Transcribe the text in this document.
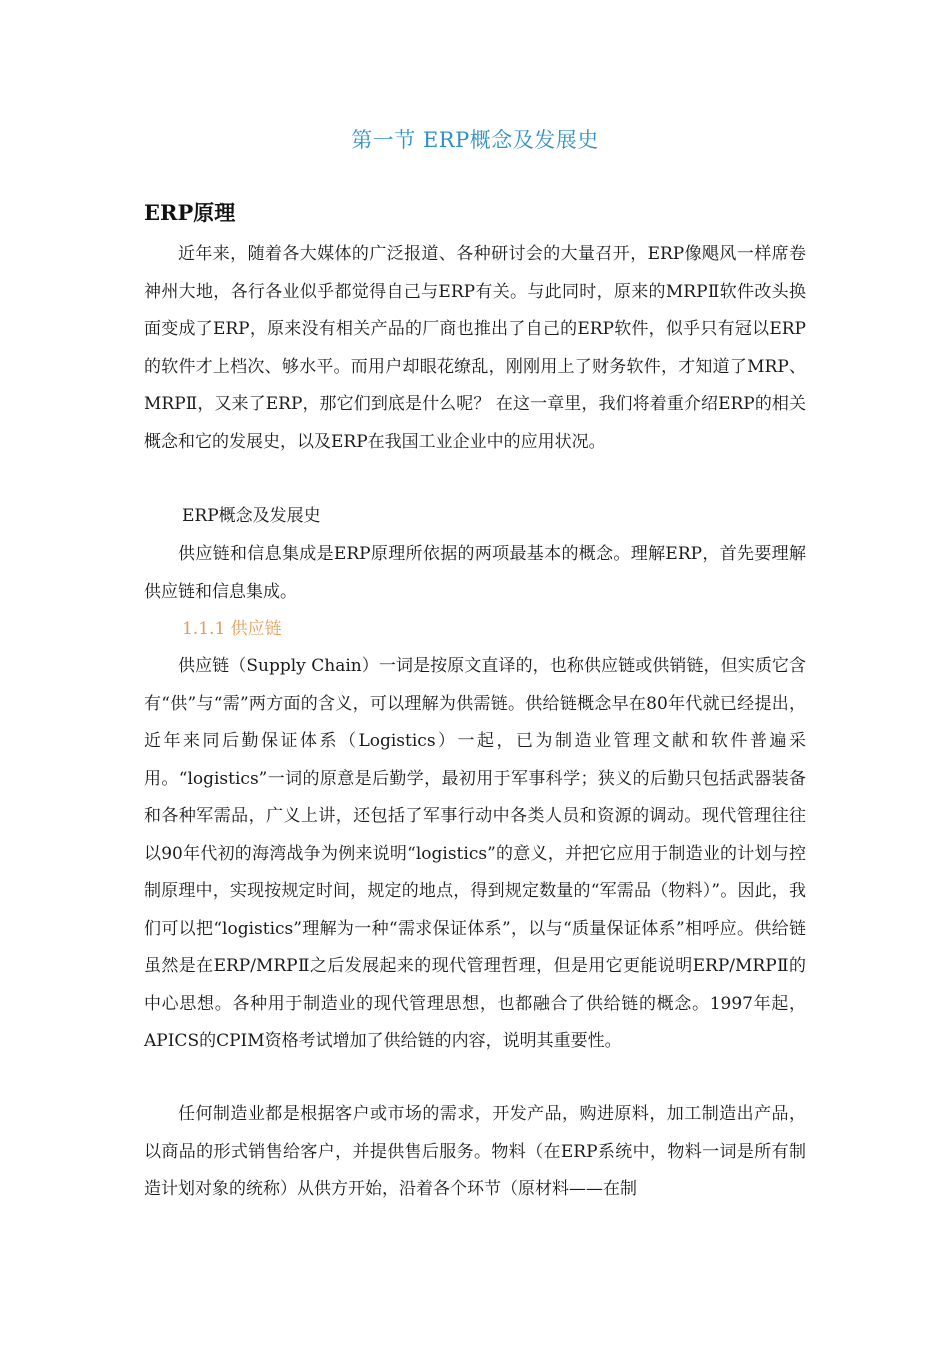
第一节 ERP概念及发展史
ERP原理

近年来，随着各大媒体的广泛报道、各种研讨会的大量召开，ERP像飓风一样席卷神州大地，各行各业似乎都觉得自己与ERP有关。与此同时，原来的MRPⅡ软件改头换面变成了ERP，原来没有相关产品的厂商也推出了自己的ERP软件，似乎只有冠以ERP的软件才上档次、够水平。而用户却眼花缭乱，刚刚用上了财务软件，才知道了MRP、MRPⅡ，又来了ERP，那它们到底是什么呢？ 在这一章里，我们将着重介绍ERP的相关概念和它的发展史，以及ERP在我国工业企业中的应用状况。

ERP概念及发展史

供应链和信息集成是ERP原理所依据的两项最基本的概念。理解ERP，首先要理解供应链和信息集成。

1.1.1 供应链

供应链（Supply Chain）一词是按原文直译的，也称供应链或供销链，但实质它含有“供”与“需”两方面的含义，可以理解为供需链。供给链概念早在80年代就已经提出，近年来同后勤保证体系（Logistics）一起，已为制造业管理文献和软件普遍采用。“logistics”一词的原意是后勤学，最初用于军事科学；狭义的后勤只包括武器装备和各种军需品，广义上讲，还包括了军事行动中各类人员和资源的调动。现代管理往往以90年代初的海湾战争为例来说明“logistics”的意义，并把它应用于制造业的计划与控制原理中，实现按规定时间，规定的地点，得到规定数量的“军需品（物料）”。因此，我们可以把“logistics”理解为一种“需求保证体系”，以与“质量保证体系”相呼应。供给链虽然是在ERP/MRPⅡ之后发展起来的现代管理哲理，但是用它更能说明ERP/MRPⅡ的中心思想。各种用于制造业的现代管理思想，也都融合了供给链的概念。1997年起，APICS的CPIM资格考试增加了供给链的内容，说明其重要性。

任何制造业都是根据客户或市场的需求，开发产品，购进原料，加工制造出产品，以商品的形式销售给客户，并提供售后服务。物料（在ERP系统中，物料一词是所有制造计划对象的统称）从供方开始，沿着各个环节（原材料——在制
